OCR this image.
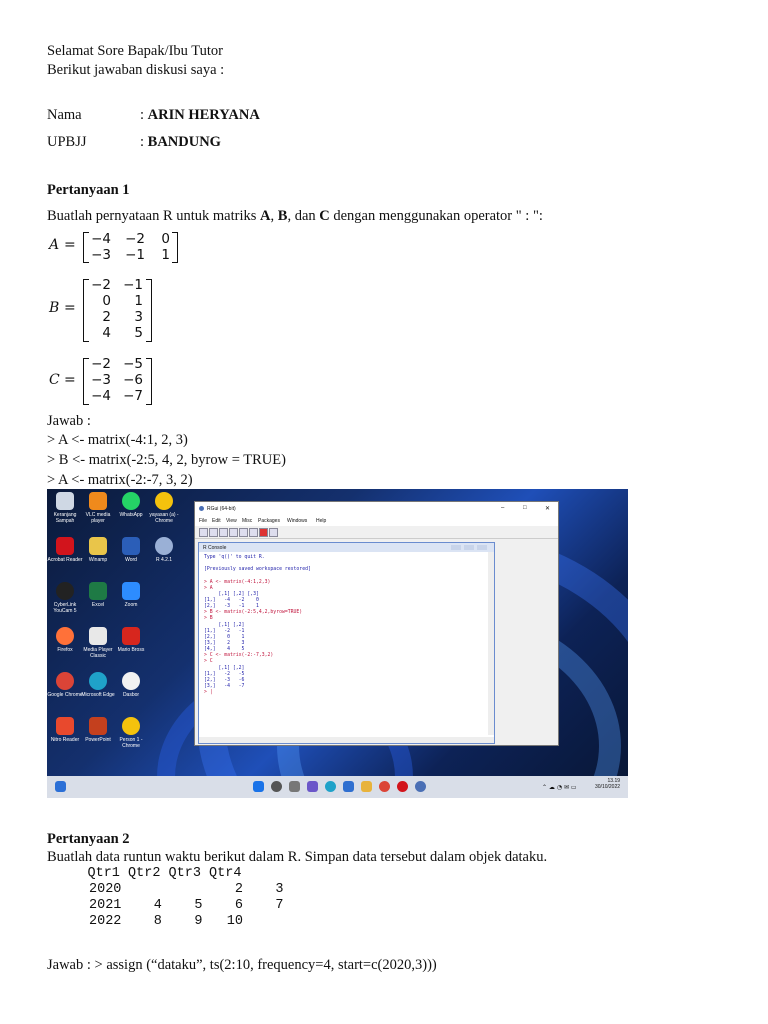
Selamat Sore Bapak/Ibu Tutor
Berikut jawaban diskusi saya :
Nama	: ARIN HERYANA
UPBJJ	: BANDUNG
Pertanyaan 1
Buatlah pernyataan R untuk matriks A, B, dan C dengan menggunakan operator " : ":
A =	−4	−2	0
−3	−1	1
B =
−2 −1
0	1
2	3
4	5
C =
−2 −5
−3 −6
−4 −7
Jawab :
> A <- matrix(-4:1, 2, 3)
> B <- matrix(-2:5, 4, 2, byrow = TRUE)
> A <- matrix(-2:-7, 3, 2)
Keranjang Sampah
VLC media player
WhatsApp	yayasan (a) - Chrome
Acrobat Reader	Winamp	Word	R 4.2.1
CyberLink YouCam 5
Excel	Zoom
Firefox	Media Player Classic
Mario Bross
Google Chrome
Microsoft Edge	Dasbor
Nitro Reader	PowerPoint	Person 1 - Chrome
RGui (64-bit)	–	□	✕
File Edit View Misc Packages Windows Help
R Console
Type 'q()' to quit R.
[Previously saved workspace restored]
> A <- matrix(-4:1,2,3)
> A
[,1] [,2] [,3]
[1,]   -4   -2    0
[2,]   -3   -1    1
> B <- matrix(-2:5,4,2,byrow=TRUE)
> B
[,1] [,2]
[1,]   -2   -1
[2,]    0    1
[3,]    2    3
[4,]    4    5
> C <- matrix(-2:-7,3,2)
> C
[,1] [,2]
[1,]   -2   -5
[2,]   -3   -6
[3,]   -4   -7
> |
⌃ ☁ ◔ ✉ ▭
13.19
30/10/2022
Pertanyaan 2
Buatlah data runtun waktu berikut dalam R. Simpan data tersebut dalam objek dataku.
Qtr1 Qtr2 Qtr3 Qtr4
2020              2    3
2021    4    5    6    7
2022    8    9   10
Jawab : > assign (“dataku”, ts(2:10, frequency=4, start=c(2020,3)))
